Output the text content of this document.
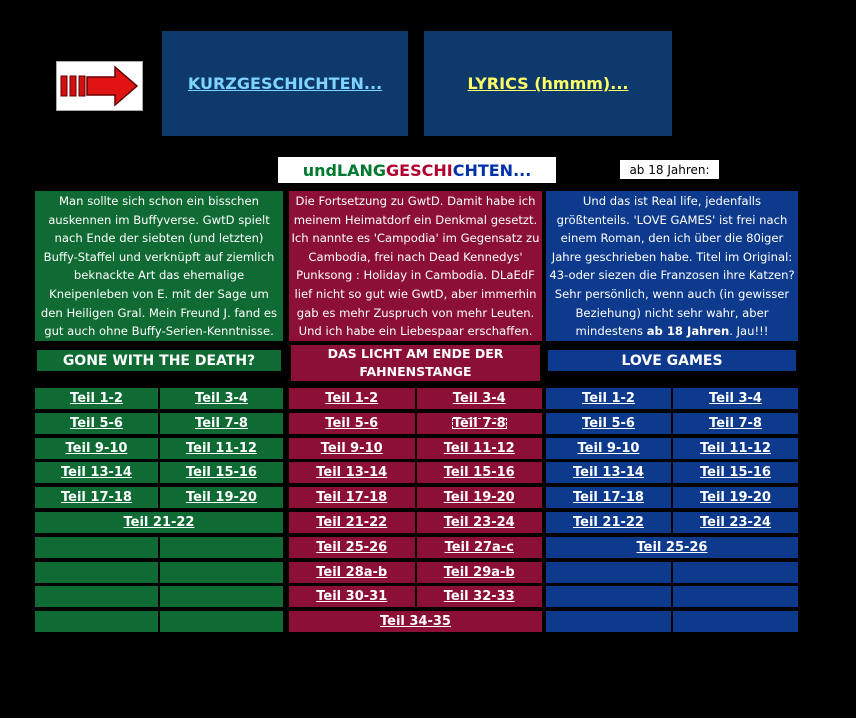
KURZGESCHICHTEN...	LYRICS (hmmm)...
und LANG GESCHI CHTEN ...	ab 18 Jahren:
Man sollte sich schon ein bisschen auskennen im Buffyverse. GwtD spielt nach Ende der siebten (und letzten) Buffy-Staffel und verknüpft auf ziemlich beknackte Art das ehemalige Kneipenleben von E. mit der Sage um den Heiligen Gral. Mein Freund J. fand es gut auch ohne Buffy-Serien-Kenntnisse.
Die Fortsetzung zu GwtD. Damit habe ich meinem Heimatdorf ein Denkmal gesetzt. Ich nannte es 'Campodia' im Gegensatz zu Cambodia, frei nach Dead Kennedys' Punksong : Holiday in Cambodia. DLaEdF lief nicht so gut wie GwtD, aber immerhin gab es mehr Zuspruch von mehr Leuten. Und ich habe ein Liebespaar erschaffen.
Und das ist Real life, jedenfalls größtenteils. 'LOVE GAMES' ist frei nach einem Roman, den ich über die 80iger Jahre geschrieben habe. Titel im Original: 43-oder siezen die Franzosen ihre Katzen? Sehr persönlich, wenn auch (in gewisser Beziehung) nicht sehr wahr, aber mindestens ab 18 Jahren. Jau!!!
GONE WITH THE DEATH?	DAS LICHT AM ENDE DER FAHNENSTANGE
LOVE GAMES
Teil 1-2	Teil 3-4
Teil 5-6	Teil 7-8
Teil 9-10	Teil 11-12
Teil 13-14	Teil 15-16
Teil 17-18	Teil 19-20
Teil 21-22
Teil 1-2	Teil 3-4
Teil 5-6	Teil 7-8
Teil 9-10	Teil 11-12
Teil 13-14	Teil 15-16
Teil 17-18	Teil 19-20
Teil 21-22	Teil 23-24
Teil 25-26	Teil 27a-c
Teil 28a-b	Teil 29a-b
Teil 30-31	Teil 32-33
Teil 34-35
Teil 1-2	Teil 3-4
Teil 5-6	Teil 7-8
Teil 9-10	Teil 11-12
Teil 13-14	Teil 15-16
Teil 17-18	Teil 19-20
Teil 21-22	Teil 23-24
Teil 25-26
